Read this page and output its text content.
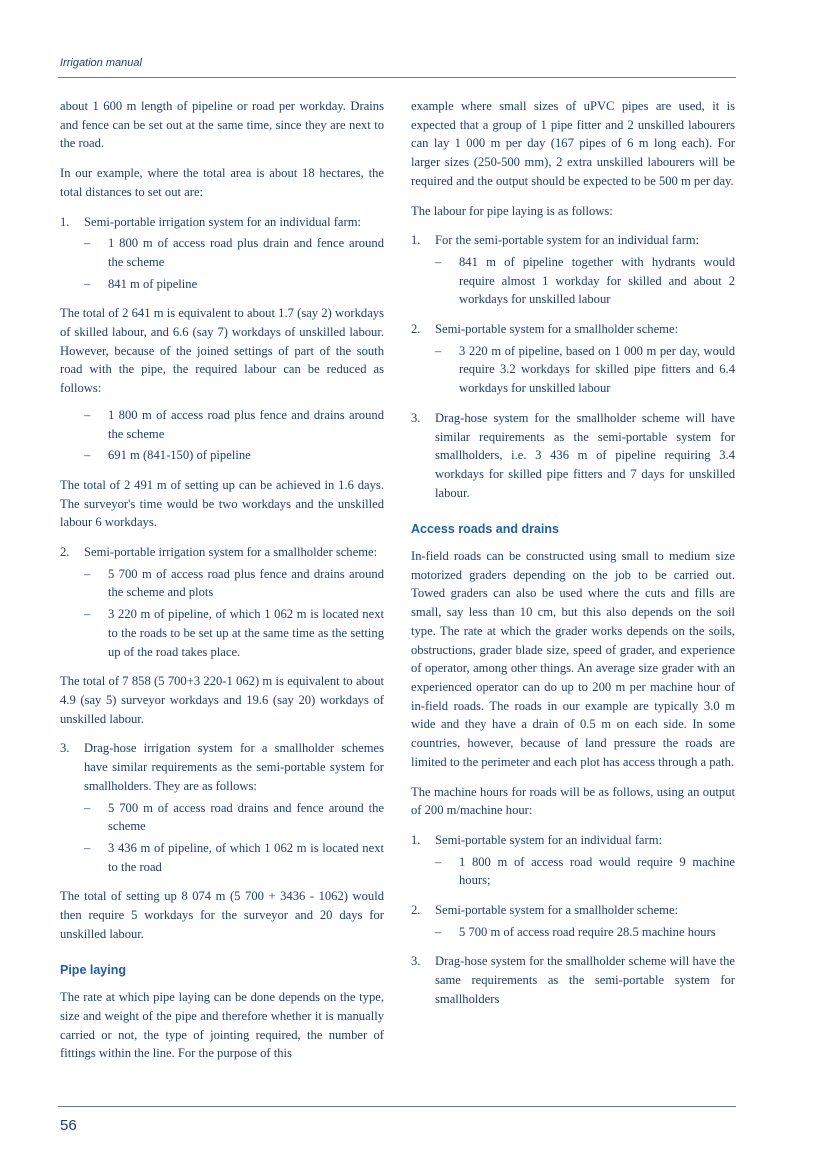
Irrigation manual

about 1 600 m length of pipeline or road per workday. Drains and fence can be set out at the same time, since they are next to the road.

In our example, where the total area is about 18 hectares, the total distances to set out are:

1. Semi-portable irrigation system for an individual farm:
– 1 800 m of access road plus drain and fence around the scheme
– 841 m of pipeline

The total of 2 641 m is equivalent to about 1.7 (say 2) workdays of skilled labour, and 6.6 (say 7) workdays of unskilled labour. However, because of the joined settings of part of the south road with the pipe, the required labour can be reduced as follows:

– 1 800 m of access road plus fence and drains around the scheme
– 691 m (841-150) of pipeline

The total of 2 491 m of setting up can be achieved in 1.6 days. The surveyor's time would be two workdays and the unskilled labour 6 workdays.

2. Semi-portable irrigation system for a smallholder scheme:
– 5 700 m of access road plus fence and drains around the scheme and plots
– 3 220 m of pipeline, of which 1 062 m is located next to the roads to be set up at the same time as the setting up of the road takes place.

The total of 7 858 (5 700+3 220-1 062) m is equivalent to about 4.9 (say 5) surveyor workdays and 19.6 (say 20) workdays of unskilled labour.

3. Drag-hose irrigation system for a smallholder schemes have similar requirements as the semi-portable system for smallholders. They are as follows:
– 5 700 m of access road drains and fence around the scheme
– 3 436 m of pipeline, of which 1 062 m is located next to the road

The total of setting up 8 074 m (5 700 + 3436 - 1062) would then require 5 workdays for the surveyor and 20 days for unskilled labour.

Pipe laying

The rate at which pipe laying can be done depends on the type, size and weight of the pipe and therefore whether it is manually carried or not, the type of jointing required, the number of fittings within the line. For the purpose of this

example where small sizes of uPVC pipes are used, it is expected that a group of 1 pipe fitter and 2 unskilled labourers can lay 1 000 m per day (167 pipes of 6 m long each). For larger sizes (250-500 mm), 2 extra unskilled labourers will be required and the output should be expected to be 500 m per day.

The labour for pipe laying is as follows:

1. For the semi-portable system for an individual farm:
– 841 m of pipeline together with hydrants would require almost 1 workday for skilled and about 2 workdays for unskilled labour
2. Semi-portable system for a smallholder scheme:
– 3 220 m of pipeline, based on 1 000 m per day, would require 3.2 workdays for skilled pipe fitters and 6.4 workdays for unskilled labour
3. Drag-hose system for the smallholder scheme will have similar requirements as the semi-portable system for smallholders, i.e. 3 436 m of pipeline requiring 3.4 workdays for skilled pipe fitters and 7 days for unskilled labour.
Access roads and drains

In-field roads can be constructed using small to medium size motorized graders depending on the job to be carried out. Towed graders can also be used where the cuts and fills are small, say less than 10 cm, but this also depends on the soil type. The rate at which the grader works depends on the soils, obstructions, grader blade size, speed of grader, and experience of operator, among other things. An average size grader with an experienced operator can do up to 200 m per machine hour of in-field roads. The roads in our example are typically 3.0 m wide and they have a drain of 0.5 m on each side. In some countries, however, because of land pressure the roads are limited to the perimeter and each plot has access through a path.

The machine hours for roads will be as follows, using an output of 200 m/machine hour:

1. Semi-portable system for an individual farm:
– 1 800 m of access road would require 9 machine hours;
2. Semi-portable system for a smallholder scheme:
– 5 700 m of access road require 28.5 machine hours
3. Drag-hose system for the smallholder scheme will have the same requirements as the semi-portable system for smallholders
56
